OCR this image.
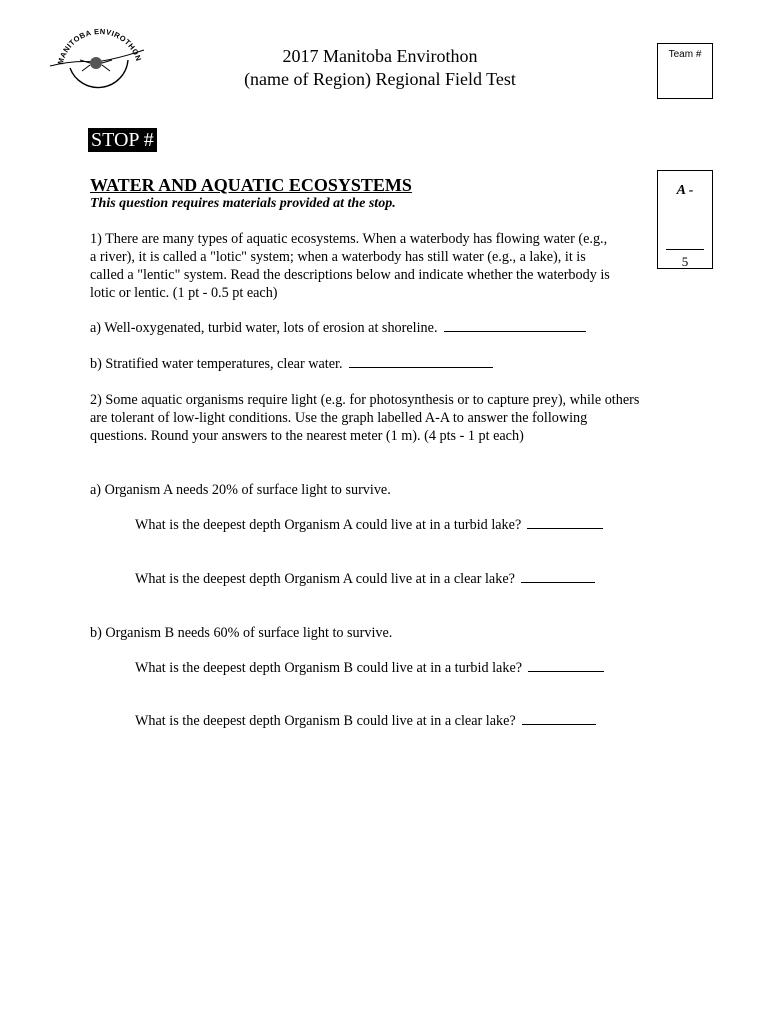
MANITOBA ENVIROTHON	2017 Manitoba Envirothon
(name of Region) Regional Field Test
Team #
STOP #
WATER AND AQUATIC ECOSYSTEMS
This question requires materials provided at the stop.
A -
5
1) There are many types of aquatic ecosystems. When a waterbody has flowing water (e.g.,
a river), it is called a "lotic" system; when a waterbody has still water (e.g., a lake), it is
called a "lentic" system. Read the descriptions below and indicate whether the waterbody is
lotic or lentic. (1 pt - 0.5 pt each)
a) Well-oxygenated, turbid water, lots of erosion at shoreline.
b) Stratified water temperatures, clear water.
2) Some aquatic organisms require light (e.g. for photosynthesis or to capture prey), while others
are tolerant of low-light conditions. Use the graph labelled A-A to answer the following
questions. Round your answers to the nearest meter (1 m). (4 pts - 1 pt each)
a) Organism A needs 20% of surface light to survive.
What is the deepest depth Organism A could live at in a turbid lake?
What is the deepest depth Organism A could live at in a clear lake?
b) Organism B needs 60% of surface light to survive.
What is the deepest depth Organism B could live at in a turbid lake?
What is the deepest depth Organism B could live at in a clear lake?
